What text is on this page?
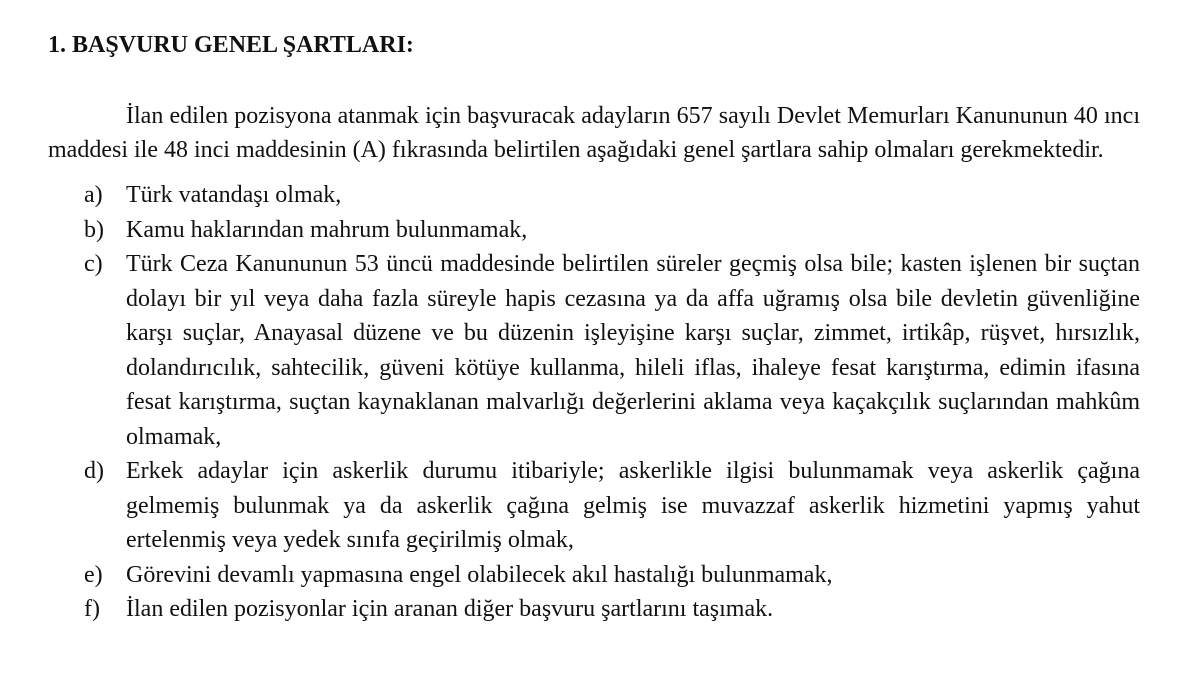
1. BAŞVURU GENEL ŞARTLARI:

İlan edilen pozisyona atanmak için başvuracak adayların 657 sayılı Devlet Memurları Kanununun 40 ıncı maddesi ile 48 inci maddesinin (A) fıkrasında belirtilen aşağıdaki genel şartlara sahip olmaları gerekmektedir.

a) Türk vatandaşı olmak,
b) Kamu haklarından mahrum bulunmamak,
c) Türk Ceza Kanununun 53 üncü maddesinde belirtilen süreler geçmiş olsa bile; kasten işlenen bir suçtan dolayı bir yıl veya daha fazla süreyle hapis cezasına ya da affa uğramış olsa bile devletin güvenliğine karşı suçlar, Anayasal düzene ve bu düzenin işleyişine karşı suçlar, zimmet, irtikâp, rüşvet, hırsızlık, dolandırıcılık, sahtecilik, güveni kötüye kullanma, hileli iflas, ihaleye fesat karıştırma, edimin ifasına fesat karıştırma, suçtan kaynaklanan malvarlığı değerlerini aklama veya kaçakçılık suçlarından mahkûm olmamak,
d) Erkek adaylar için askerlik durumu itibariyle; askerlikle ilgisi bulunmamak veya askerlik çağına gelmemiş bulunmak ya da askerlik çağına gelmiş ise muvazzaf askerlik hizmetini yapmış yahut ertelenmiş veya yedek sınıfa geçirilmiş olmak,
e) Görevini devamlı yapmasına engel olabilecek akıl hastalığı bulunmamak,
f)	İlan edilen pozisyonlar için aranan diğer başvuru şartlarını taşımak.
